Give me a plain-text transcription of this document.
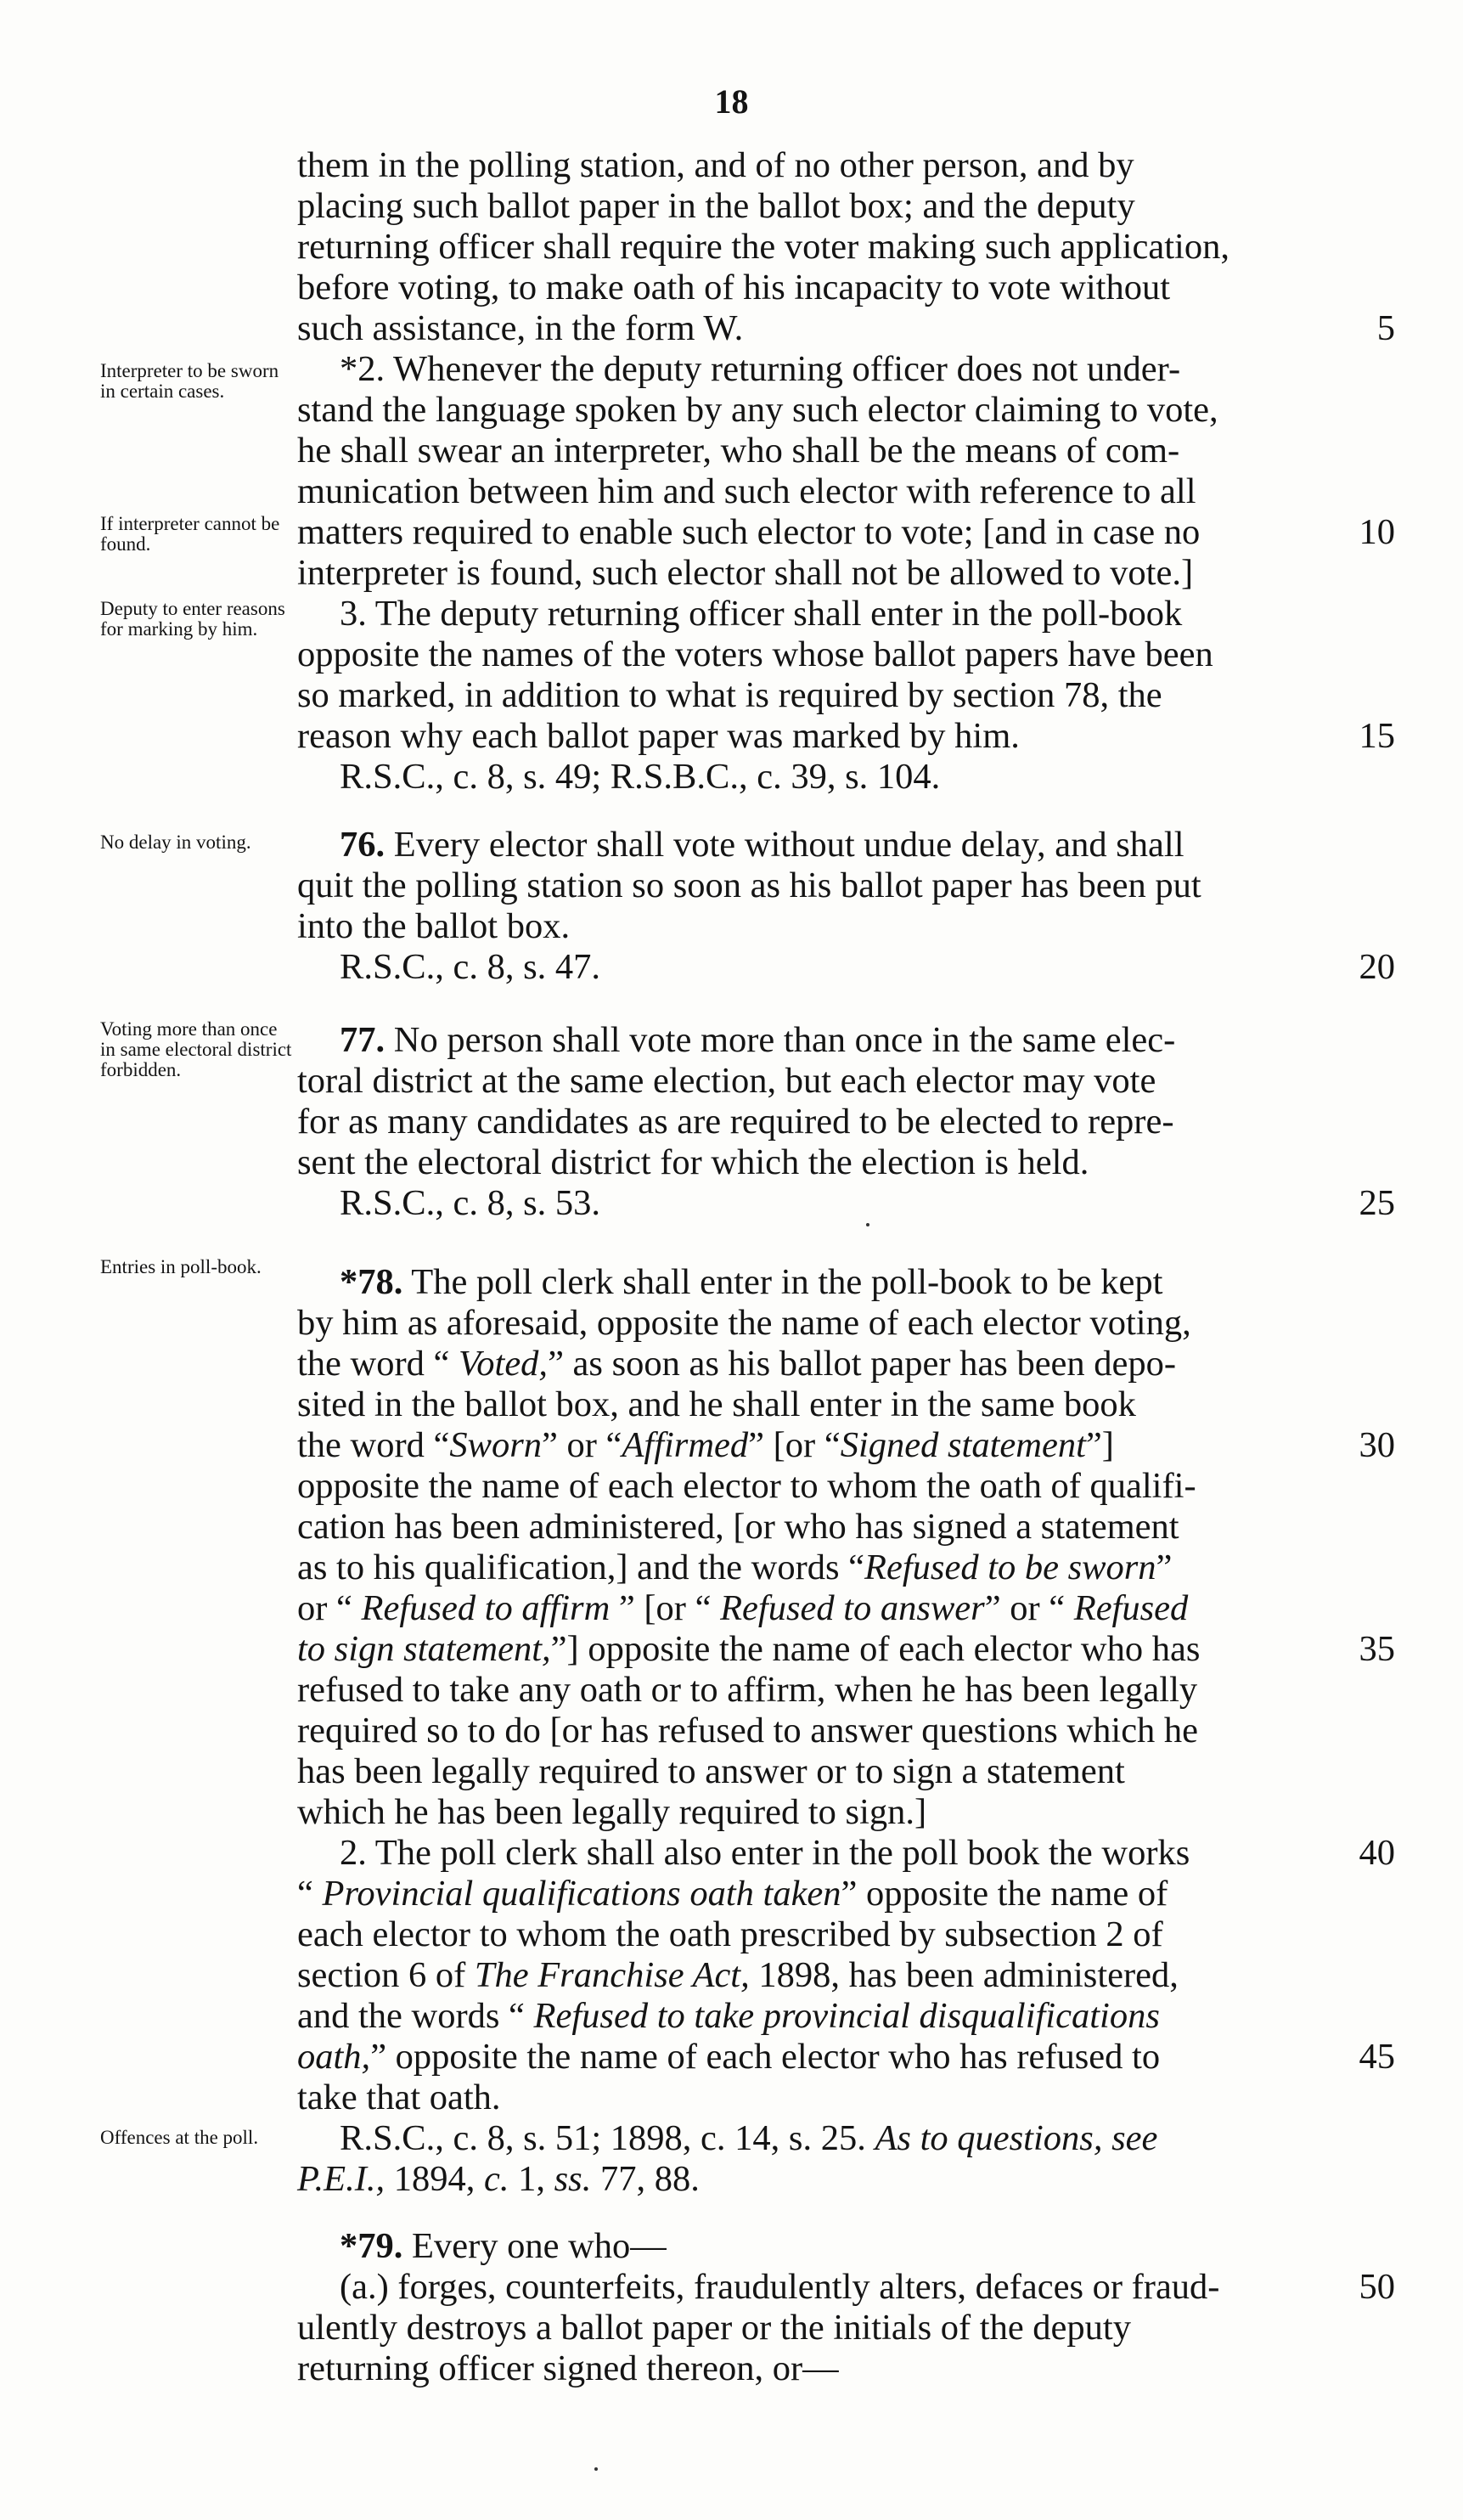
18
Interpreter to be sworn in certain cases.
If interpreter cannot be found.
Deputy to enter reasons for marking by him.
No delay in voting.
Voting more than once in same electoral district forbidden.
Entries in poll-book.
Offences at the poll.
them in the polling station, and of no other person, and by
placing such ballot paper in the ballot box; and the deputy
returning officer shall require the voter making such application,
before voting, to make oath of his incapacity to vote without
such assistance, in the form W.
*2. Whenever the deputy returning officer does not under-
stand the language spoken by any such elector claiming to vote,
he shall swear an interpreter, who shall be the means of com-
munication between him and such elector with reference to all
matters required to enable such elector to vote; [and in case no
interpreter is found, such elector shall not be allowed to vote.]
3. The deputy returning officer shall enter in the poll-book
opposite the names of the voters whose ballot papers have been
so marked, in addition to what is required by section 78, the
reason why each ballot paper was marked by him.
R.S.C., c. 8, s. 49; R.S.B.C., c. 39, s. 104.
76. Every elector shall vote without undue delay, and shall
quit the polling station so soon as his ballot paper has been put
into the ballot box.
R.S.C., c. 8, s. 47.
77. No person shall vote more than once in the same elec-
toral district at the same election, but each elector may vote
for as many candidates as are required to be elected to repre-
sent the electoral district for which the election is held.
R.S.C., c. 8, s. 53.
*78. The poll clerk shall enter in the poll-book to be kept
by him as aforesaid, opposite the name of each elector voting,
the word “ Voted,” as soon as his ballot paper has been depo-
sited in the ballot box, and he shall enter in the same book
the word “Sworn” or “Affirmed” [or “Signed statement”]
opposite the name of each elector to whom the oath of qualifi-
cation has been administered, [or who has signed a statement
as to his qualification,] and the words “Refused to be sworn”
or “ Refused to affirm ” [or “ Refused to answer” or “ Refused
to sign statement,”] opposite the name of each elector who has
refused to take any oath or to affirm, when he has been legally
required so to do [or has refused to answer questions which he
has been legally required to answer or to sign a statement
which he has been legally required to sign.]
2. The poll clerk shall also enter in the poll book the works
“ Provincial qualifications oath taken” opposite the name of
each elector to whom the oath prescribed by subsection 2 of
section 6 of The Franchise Act, 1898, has been administered,
and the words “ Refused to take provincial disqualifications
oath,” opposite the name of each elector who has refused to
take that oath.
R.S.C., c. 8, s. 51; 1898, c. 14, s. 25. As to questions, see
P.E.I., 1894, c. 1, ss. 77, 88.
*79. Every one who—
(a.) forges, counterfeits, fraudulently alters, defaces or fraud-
ulently destroys a ballot paper or the initials of the deputy
returning officer signed thereon, or—
5
10
15
20
25
30
35
40
45
50
